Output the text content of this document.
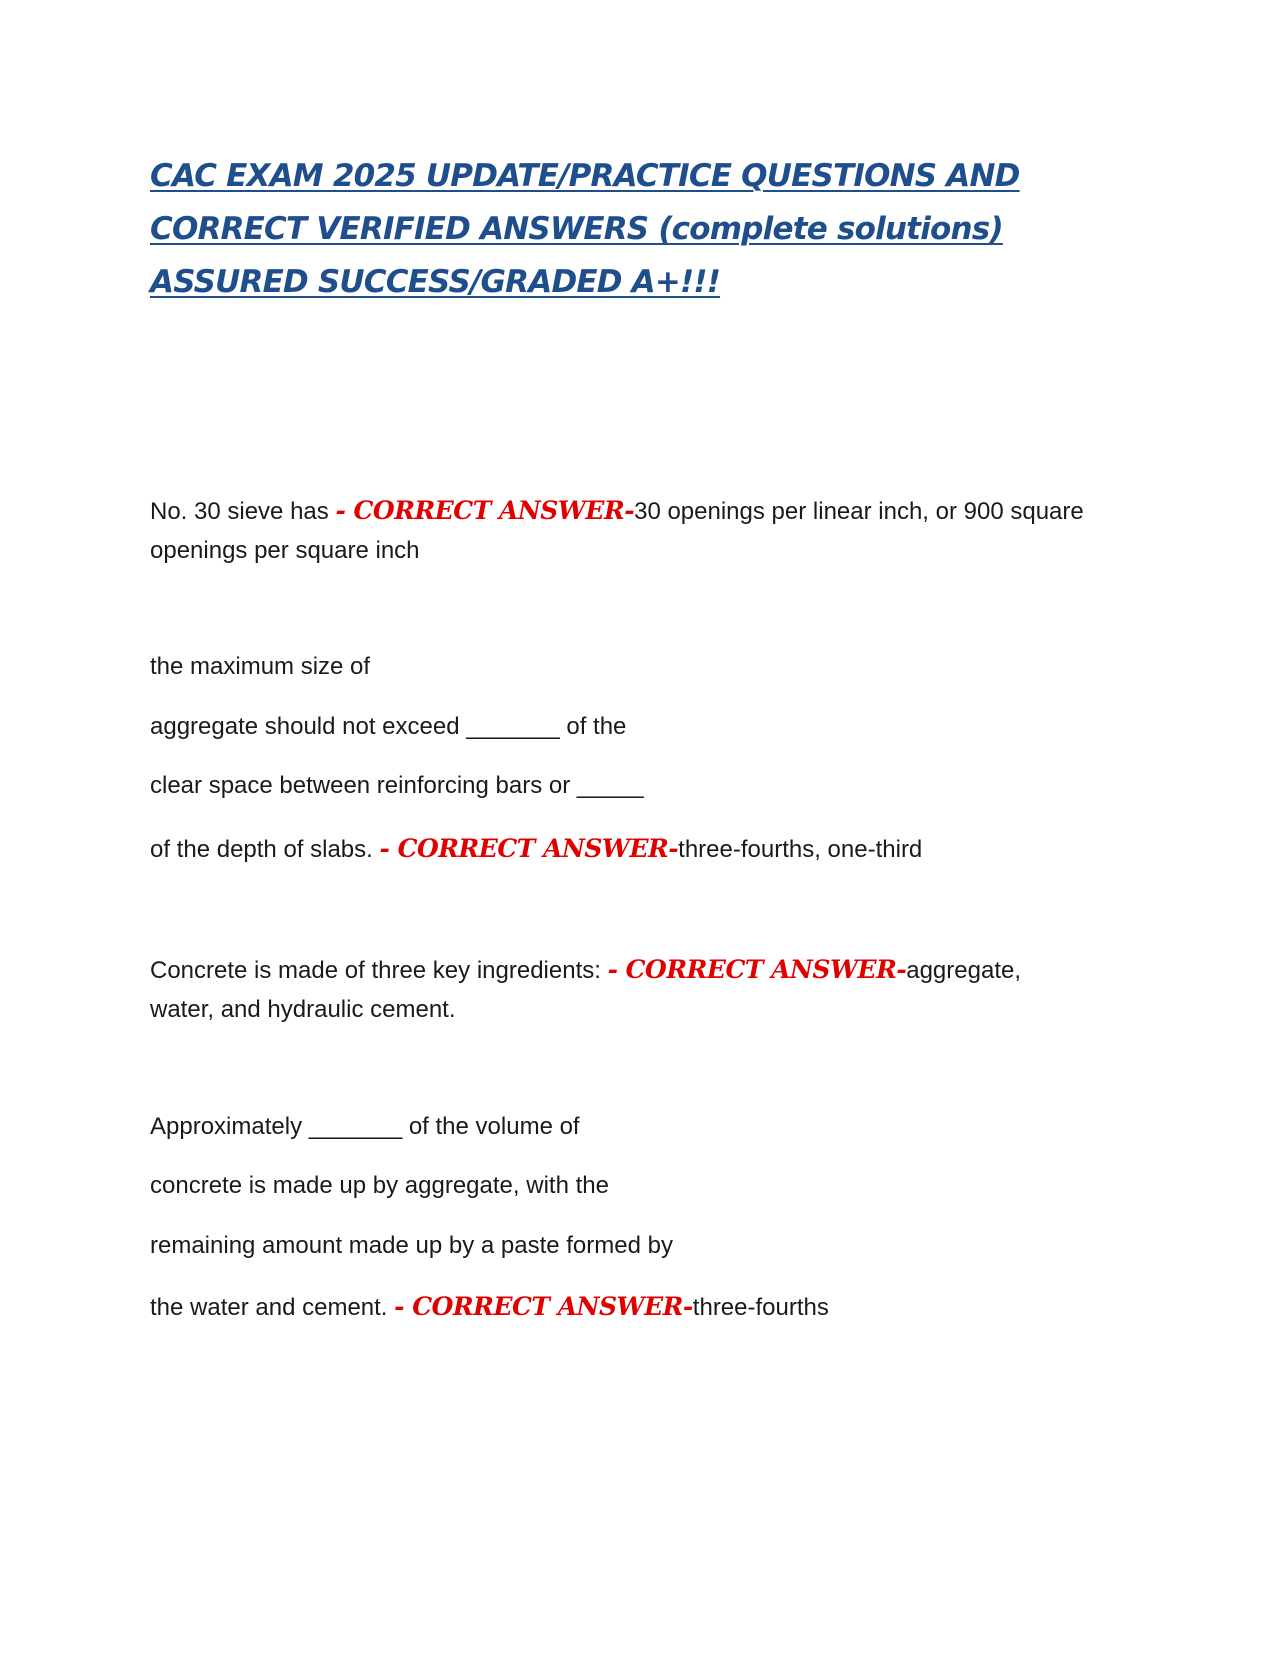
CAC EXAM 2025 UPDATE/PRACTICE QUESTIONS AND CORRECT VERIFIED ANSWERS (complete solutions) ASSURED SUCCESS/GRADED A+!!!
No. 30 sieve has - CORRECT ANSWER-30 openings per linear inch, or 900 square
openings per square inch
the maximum size of
aggregate should not exceed _______ of the
clear space between reinforcing bars or _____
of the depth of slabs. - CORRECT ANSWER-three-fourths, one-third
Concrete is made of three key ingredients: - CORRECT ANSWER-aggregate,
water, and hydraulic cement.
Approximately _______ of the volume of
concrete is made up by aggregate, with the
remaining amount made up by a paste formed by
the water and cement. - CORRECT ANSWER-three-fourths
